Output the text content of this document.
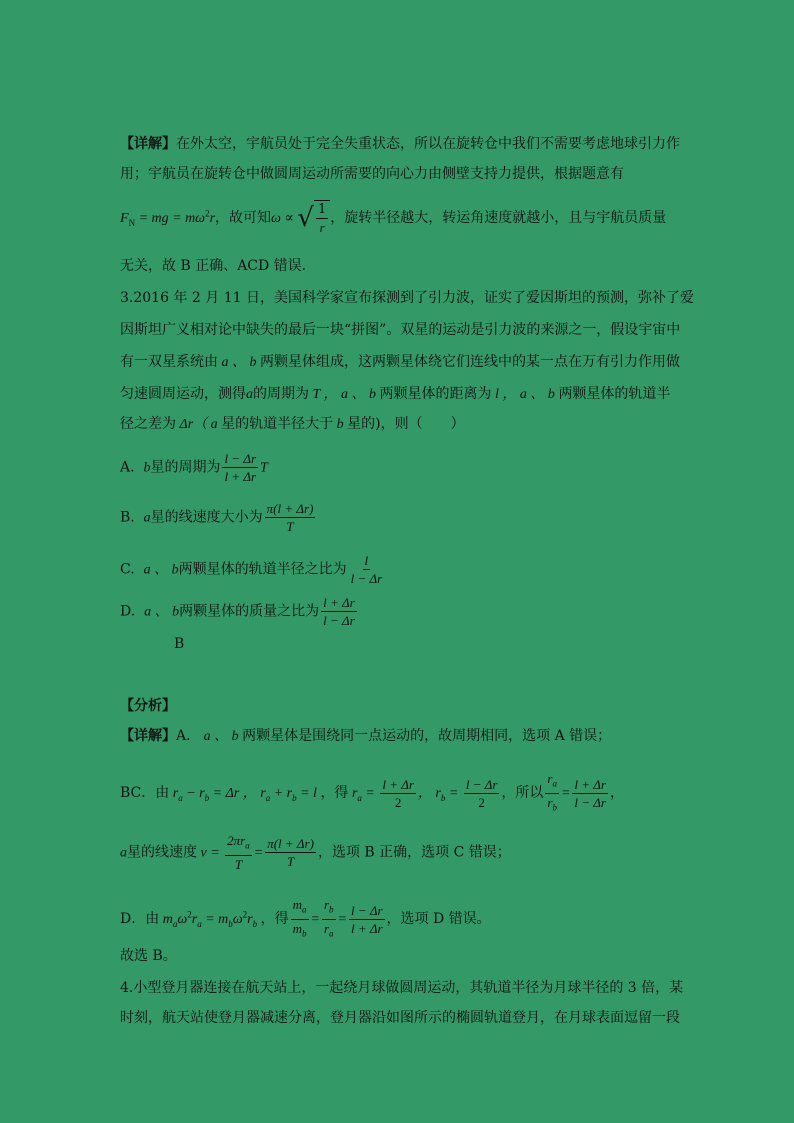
【详解】在外太空，宇航员处于完全失重状态，所以在旋转仓中我们不需要考虑地球引力作
用；宇航员在旋转仓中做圆周运动所需要的向心力由侧壁支持力提供，根据题意有
$F_N$ = mg = $m\omega^2r$，故可知ω ∝ √ $\frac{1}{r}$ ，旋转半径越大，转运角速度就越小，且与宇航员质量
无关，故 B 正确、ACD 错误．
3.2016 年 2 月 11 日，美国科学家宣布探测到了引力波，证实了爱因斯坦的预测，弥补了爱
因斯坦广义相对论中缺失的最后一块“拼图”。双星的运动是引力波的来源之一，假设宇宙中
有一双星系统由 a 、 b 两颗星体组成，这两颗星体绕它们连线中的某一点在万有引力作用做
匀速圆周运动，测得a的周期为 T ， a 、 b 两颗星体的距离为 l ， a 、 b 两颗星体的轨道半
径之差为 Δr（ a 星的轨道半径大于 b 星的)，则（　　）
A. b星的周期为 $\frac{l - \Delta r}{l + \Delta r}$ T
B. a星的线速度大小为 $\frac{\pi(l + \Delta r)}{T}$
C. a 、 b两颗星体的轨道半径之比为 $\frac{l}{l - \Delta r}$
D. a 、 b两颗星体的质量之比为 $\frac{l + \Delta r}{l - \Delta r}$
B
【分析】
【详解】A． a 、 b 两颗星体是围绕同一点运动的，故周期相同，选项 A 错误；
BC．由 $r_a - r_b = \Delta r$ ， $r_a + r_b = l$ ，得 $r_a = \frac{l + \Delta r}{2}$ ， $r_b = \frac{l - \Delta r}{2}$ ，所以 $\frac{r_a}{r_b} = \frac{l + \Delta r}{l - \Delta r}$ ，
a星的线速度 $v = \frac{2\pi r_a}{T} = \frac{\pi(l + \Delta r)}{T}$ ，选项 B 正确，选项 C 错误；
D．由 $m_a\omega^2r_a = m_b\omega^2r_b$ ，得 $\frac{m_a}{m_b} = \frac{r_b}{r_a} = \frac{l - \Delta r}{l + \Delta r}$ ，选项 D 错误。
故选 B。
4.小型登月器连接在航天站上，一起绕月球做圆周运动，其轨道半径为月球半径的 3 倍，某
时刻，航天站使登月器减速分离，登月器沿如图所示的椭圆轨道登月，在月球表面逗留一段
